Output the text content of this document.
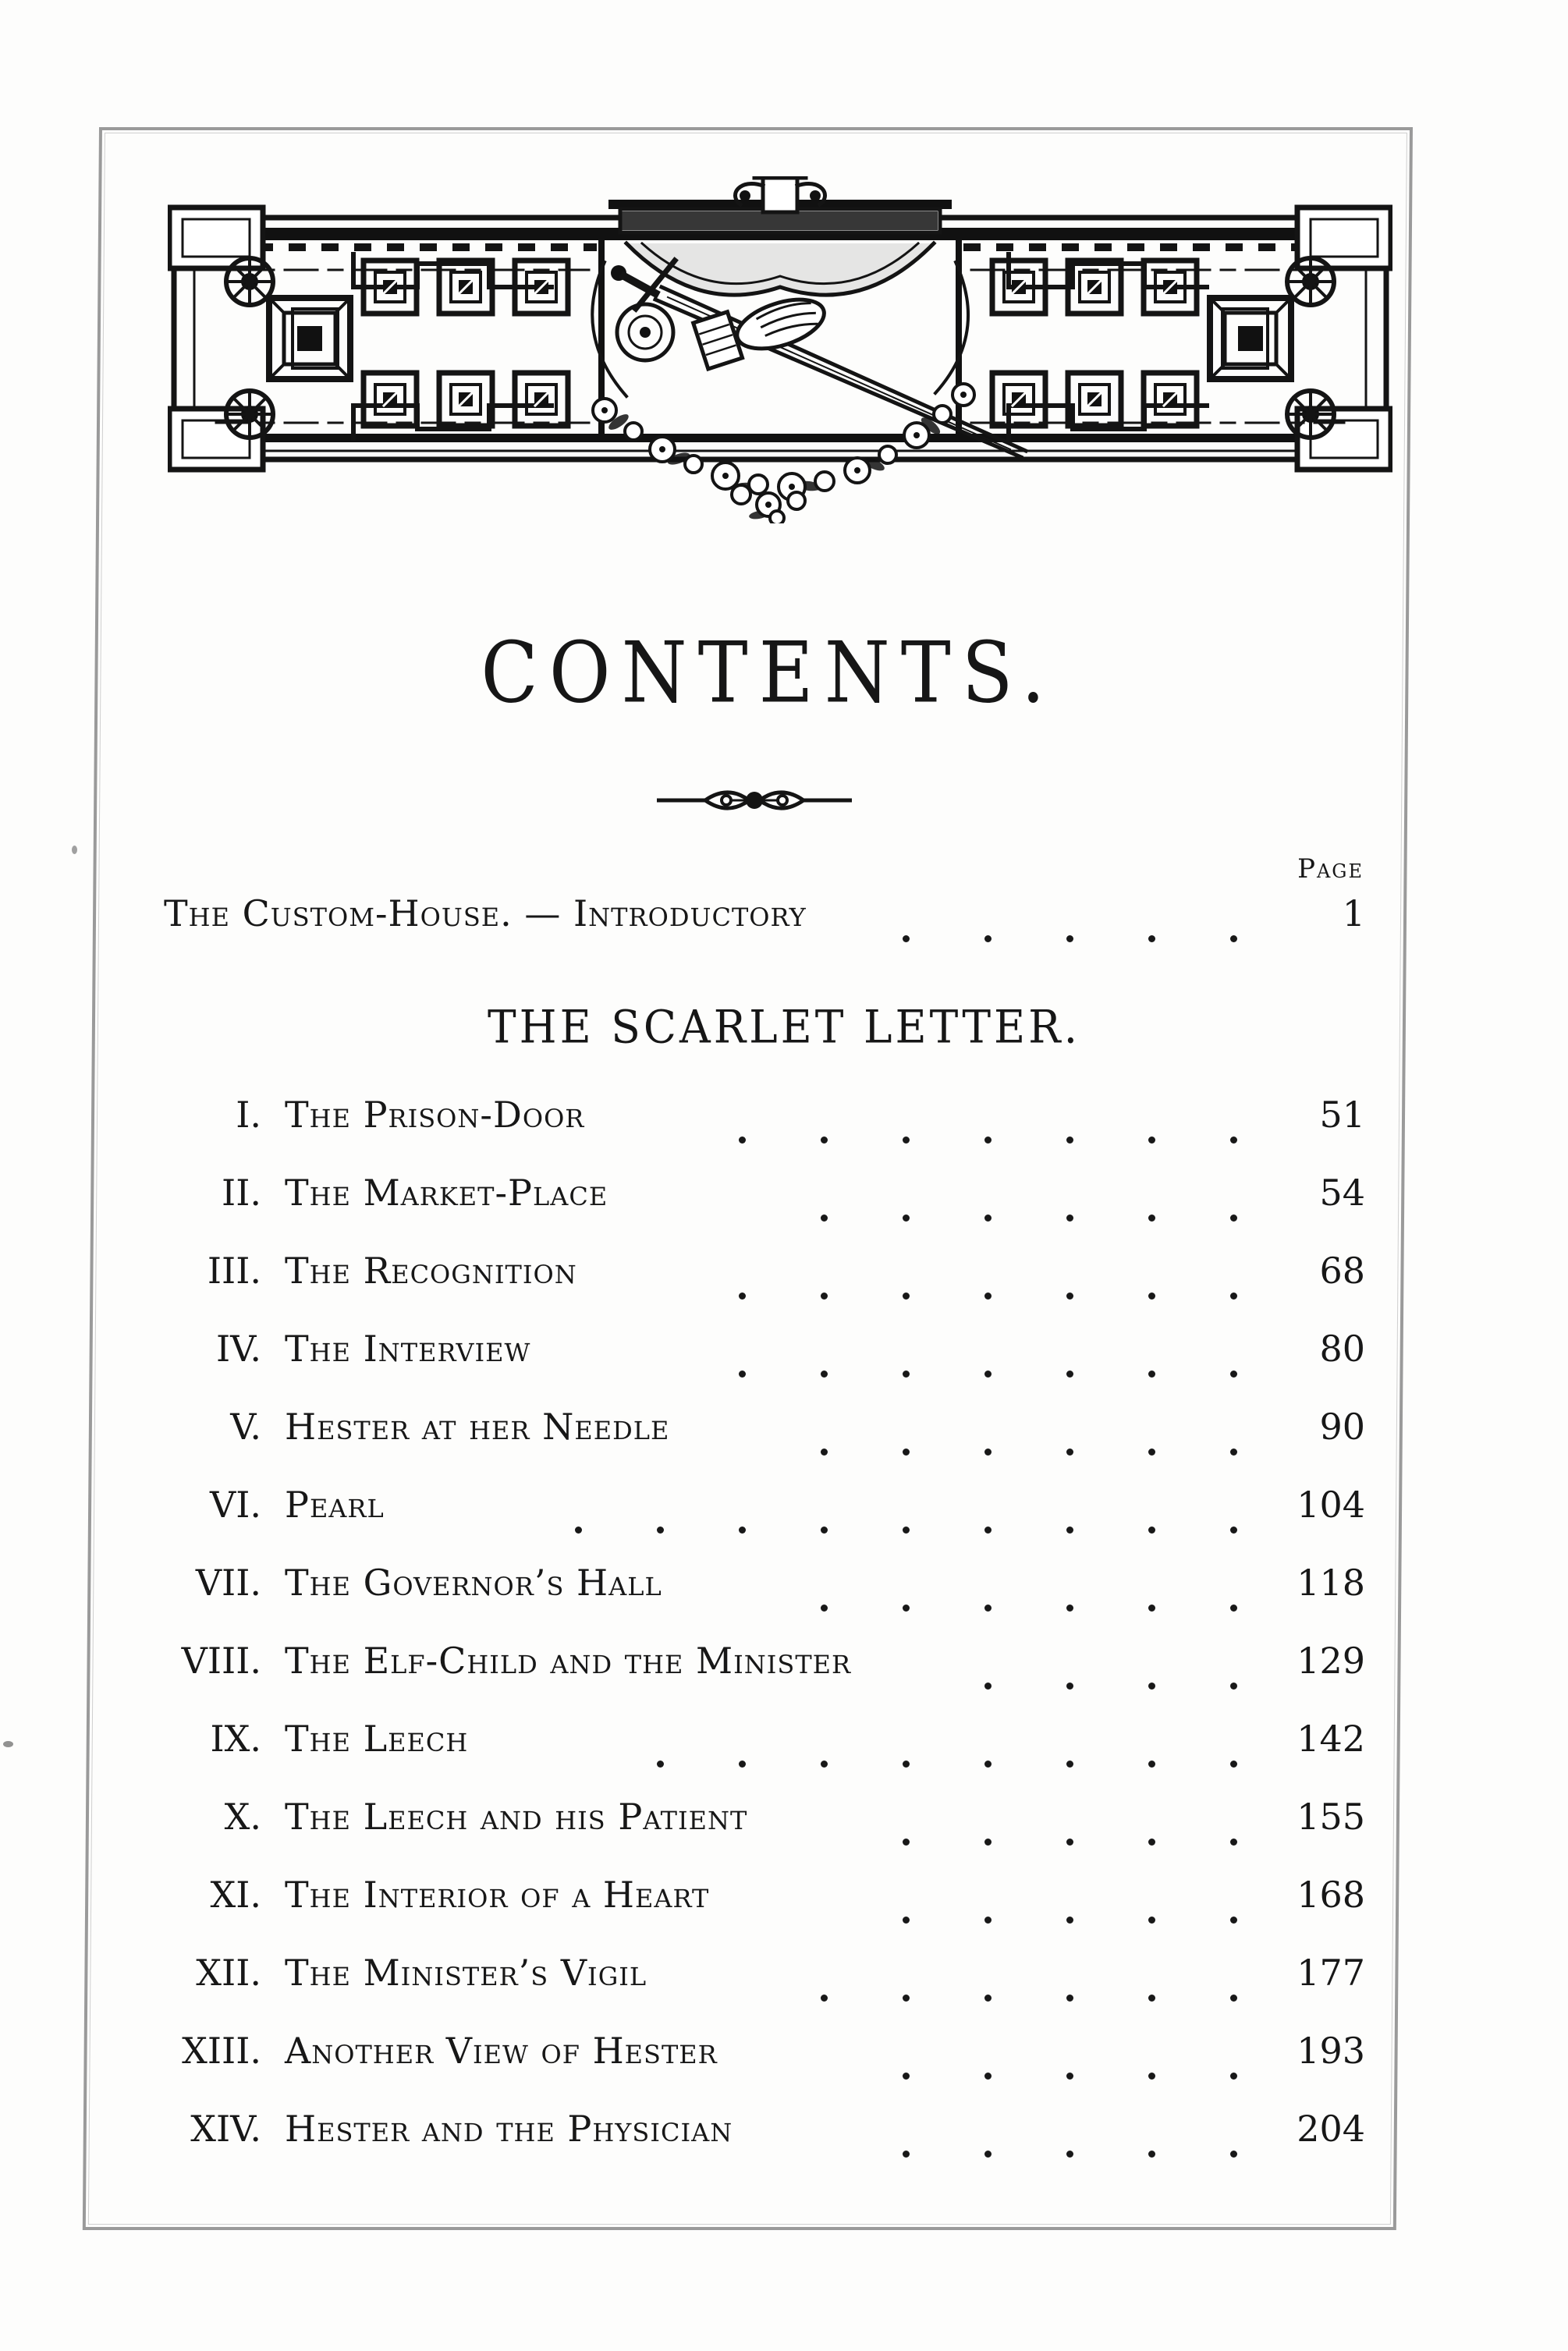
CONTENTS.
Page
The Custom-House. — Introductory	1
THE SCARLET LETTER.
I. The Prison-Door	51
II. The Market-Place	54
III. The Recognition	68
IV. The Interview	80
V. Hester at her Needle	90
VI. Pearl	104
VII. The Governor’s Hall	118
VIII. The Elf-Child and the Minister	129
IX. The Leech	142
X. The Leech and his Patient	155
XI. The Interior of a Heart	168
XII. The Minister’s Vigil	177
XIII. Another View of Hester	193
XIV. Hester and the Physician	204
